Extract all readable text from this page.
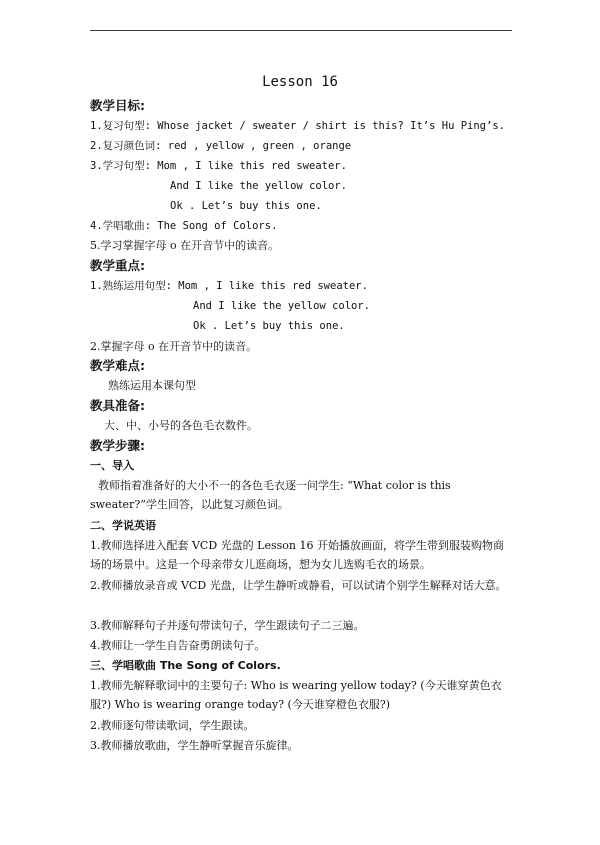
Lesson 16
教学目标:
1.复习句型: Whose jacket / sweater / shirt is this? It’s Hu Ping’s.
2.复习颜色词: red , yellow , green , orange
3.学习句型: Mom , I like this red sweater.
And I like the yellow color.
Ok . Let’s buy this one.
4.学唱歌曲: The Song of Colors.
5.学习掌握字母 o 在开音节中的读音。
教学重点:
1.熟练运用句型: Mom , I like this red sweater.
And I like the yellow color.
Ok . Let’s buy this one.
2.掌握字母 o 在开音节中的读音。
教学难点:
熟练运用本课句型
教具准备:
大、中、小号的各色毛衣数件。
教学步骤:
一、导入
教师指着准备好的大小不一的各色毛衣逐一问学生: “What color is this sweater?”学生回答，以此复习颜色词。
二、学说英语
1.教师选择进入配套 VCD 光盘的 Lesson 16 开始播放画面，将学生带到服装购物商场的场景中。这是一个母亲带女儿逛商场，想为女儿选购毛衣的场景。
2.教师播放录音或 VCD 光盘，让学生静听或静看，可以试请个别学生解释对话大意。
3.教师解释句子并逐句带读句子，学生跟读句子二三遍。
4.教师让一学生自告奋勇朗读句子。
三、学唱歌曲 The Song of Colors.
1.教师先解释歌词中的主要句子: Who is wearing yellow today? (今天谁穿黄色衣服?) Who is wearing orange today? (今天谁穿橙色衣服?)
2.教师逐句带读歌词，学生跟读。
3.教师播放歌曲，学生静听掌握音乐旋律。
